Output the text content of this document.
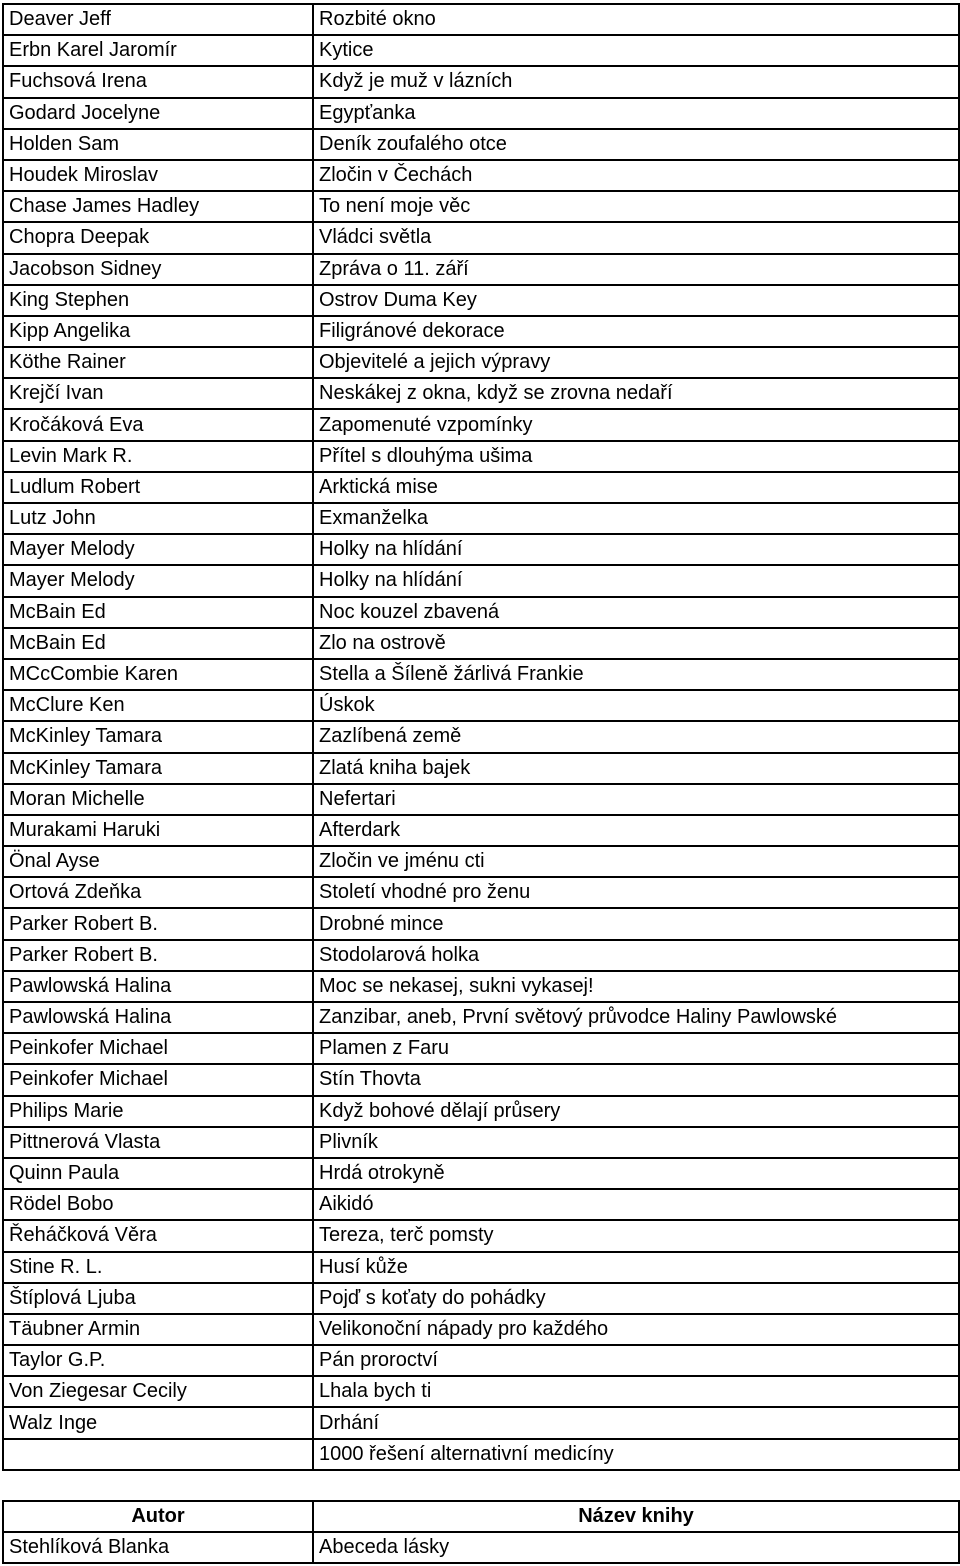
Deaver Jeff	Rozbité okno
Erbn Karel Jaromír	Kytice
Fuchsová Irena	Když je muž v lázních
Godard Jocelyne	Egypťanka
Holden Sam	Deník zoufalého otce
Houdek Miroslav	Zločin v Čechách
Chase James Hadley	To není moje věc
Chopra Deepak	Vládci světla
Jacobson Sidney	Zpráva o 11. září
King Stephen	Ostrov Duma Key
Kipp Angelika	Filigránové dekorace
Köthe Rainer	Objevitelé a jejich výpravy
Krejčí Ivan	Neskákej z okna, když se zrovna nedaří
Kročáková Eva	Zapomenuté vzpomínky
Levin Mark R.	Přítel s dlouhýma ušima
Ludlum Robert	Arktická mise
Lutz John	Exmanželka
Mayer Melody	Holky na hlídání
Mayer Melody	Holky na hlídání
McBain Ed	Noc kouzel zbavená
McBain Ed	Zlo na ostrově
MCcCombie Karen	Stella a Šíleně žárlivá Frankie
McClure Ken	Úskok
McKinley Tamara	Zazlíbená země
McKinley Tamara	Zlatá kniha bajek
Moran Michelle	Nefertari
Murakami Haruki	Afterdark
Önal Ayse	Zločin ve jménu cti
Ortová Zdeňka	Století vhodné pro ženu
Parker Robert B.	Drobné mince
Parker Robert B.	Stodolarová holka
Pawlowská Halina	Moc se nekasej, sukni vykasej!
Pawlowská Halina	Zanzibar, aneb, První světový průvodce Haliny Pawlowské
Peinkofer Michael	Plamen z Faru
Peinkofer Michael	Stín Thovta
Philips Marie	Když bohové dělají průsery
Pittnerová Vlasta	Plivník
Quinn Paula	Hrdá otrokyně
Rödel Bobo	Aikidó
Řeháčková Věra	Tereza, terč pomsty
Stine R. L.	Husí kůže
Štíplová Ljuba	Pojď s koťaty do pohádky
Täubner Armin	Velikonoční nápady pro každého
Taylor G.P.	Pán proroctví
Von Ziegesar Cecily	Lhala bych ti
Walz Inge	Drhání
	1000 řešení alternativní medicíny
Autor	Název knihy
Stehlíková Blanka	Abeceda lásky
